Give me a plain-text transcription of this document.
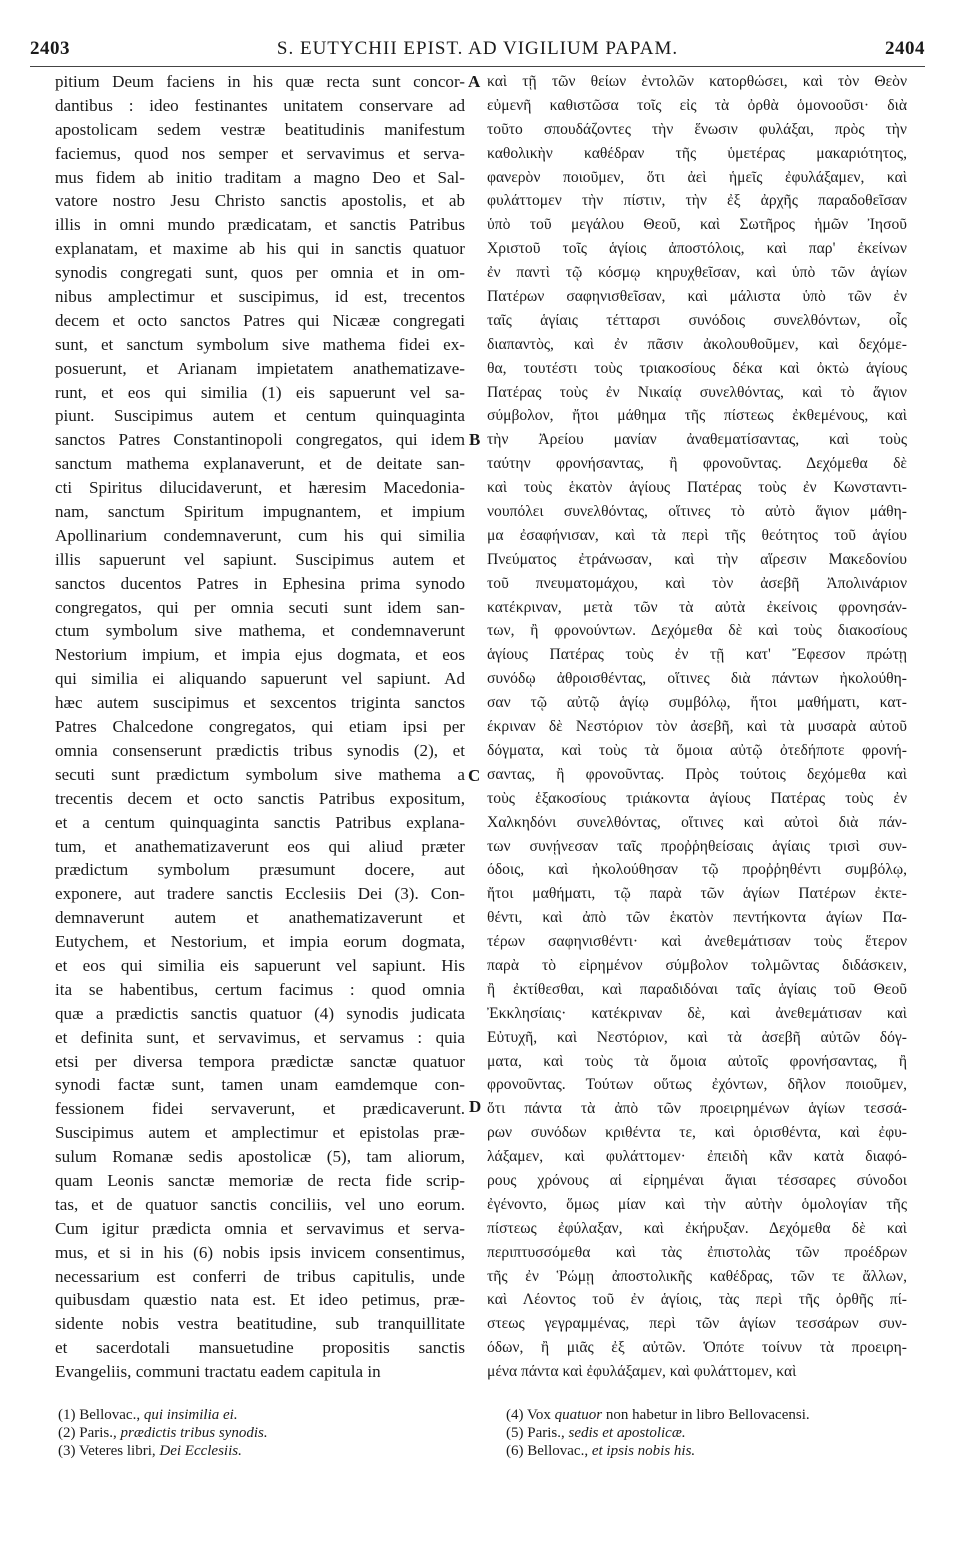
2403	S. EUTYCHII EPIST. AD VIGILIUM PAPAM.	2404
pitium Deum faciens in his quæ recta sunt concor-
dantibus : ideo festinantes unitatem conservare ad
apostolicam sedem vestræ beatitudinis manifestum
faciemus, quod nos semper et servavimus et serva-
mus fidem ab initio traditam a magno Deo et Sal-
vatore nostro Jesu Christo sanctis apostolis, et ab
illis in omni mundo prædicatam, et sanctis Patribus
explanatam, et maxime ab his qui in sanctis quatuor
synodis congregati sunt, quos per omnia et in om-
nibus amplectimur et suscipimus, id est, trecentos
decem et octo sanctos Patres qui Nicææ congregati
sunt, et sanctum symbolum sive mathema fidei ex-
posuerunt, et Arianam impietatem anathematizave-
runt, et eos qui similia (1) eis sapuerunt vel sa-
piunt. Suscipimus autem et centum quinquaginta
sanctos Patres Constantinopoli congregatos, qui idem
sanctum mathema explanaverunt, et de deitate san-
cti Spiritus dilucidaverunt, et hæresim Macedonia-
nam, sanctum Spiritum impugnantem, et impium
Apollinarium condemnaverunt, cum his qui similia
illis sapuerunt vel sapiunt. Suscipimus autem et
sanctos ducentos Patres in Ephesina prima synodo
congregatos, qui per omnia secuti sunt idem san-
ctum symbolum sive mathema, et condemnaverunt
Nestorium impium, et impia ejus dogmata, et eos
qui similia ei aliquando sapuerunt vel sapiunt. Ad
hæc autem suscipimus et sexcentos triginta sanctos
Patres Chalcedone congregatos, qui etiam ipsi per
omnia consenserunt prædictis tribus synodis (2), et
secuti sunt prædictum symbolum sive mathema a
trecentis decem et octo sanctis Patribus expositum,
et a centum quinquaginta sanctis Patribus explana-
tum, et anathematizaverunt eos qui aliud præter
prædictum symbolum præsumunt docere, aut
exponere, aut tradere sanctis Ecclesiis Dei (3). Con-
demnaverunt autem et anathematizaverunt et
Eutychem, et Nestorium, et impia eorum dogmata,
et eos qui similia eis sapuerunt vel sapiunt. His
ita se habentibus, certum facimus : quod omnia
quæ a prædictis sanctis quatuor (4) synodis judicata
et definita sunt, et servavimus, et servamus : quia
etsi per diversa tempora prædictæ sanctæ quatuor
synodi factæ sunt, tamen unam eamdemque con-
fessionem fidei servaverunt, et prædicaverunt.
Suscipimus autem et amplectimur et epistolas præ-
sulum Romanæ sedis apostolicæ (5), tam aliorum,
quam Leonis sanctæ memoriæ de recta fide scrip-
tas, et de quatuor sanctis conciliis, vel uno eorum.
Cum igitur prædicta omnia et servavimus et serva-
mus, et si in his (6) nobis ipsis invicem consentimus,
necessarium est conferri de tribus capitulis, unde
quibusdam quæstio nata est. Et ideo petimus, præ-
sidente nobis vestra beatitudine, sub tranquillitate
et sacerdotali mansuetudine propositis sanctis
Evangeliis, communi tractatu eadem capitula in
καὶ τῇ τῶν θείων ἐντολῶν κατορθώσει, καὶ τὸν Θεὸν
εὐμενῆ καθιστῶσα τοῖς εἰς τὰ ὀρθὰ ὁμονοοῦσι· διὰ
τοῦτο σπουδάζοντες τὴν ἕνωσιν φυλάξαι, πρὸς τὴν
καθολικὴν καθέδραν τῆς ὑμετέρας μακαριότητος,
φανερὸν ποιοῦμεν, ὅτι ἀεὶ ἡμεῖς ἐφυλάξαμεν, καὶ
φυλάττομεν τὴν πίστιν, τὴν ἐξ ἀρχῆς παραδοθεῖσαν
ὑπὸ τοῦ μεγάλου Θεοῦ, καὶ Σωτῆρος ἡμῶν Ἰησοῦ
Χριστοῦ τοῖς ἁγίοις ἀποστόλοις, καὶ παρ' ἐκείνων
ἐν παντὶ τῷ κόσμῳ κηρυχθεῖσαν, καὶ ὑπὸ τῶν ἁγίων
Πατέρων σαφηνισθεῖσαν, καὶ μάλιστα ὑπὸ τῶν ἐν
ταῖς ἁγίαις τέτταρσι συνόδοις συνελθόντων, οἷς
διαπαντὸς, καὶ ἐν πᾶσιν ἀκολουθοῦμεν, καὶ δεχόμε-
θα, τουτέστι τοὺς τριακοσίους δέκα καὶ ὀκτὼ ἁγίους
Πατέρας τοὺς ἐν Νικαίᾳ συνελθόντας, καὶ τὸ ἅγιον
σύμβολον, ἤτοι μάθημα τῆς πίστεως ἐκθεμένους, καὶ
τὴν Ἀρείου μανίαν ἀναθεματίσαντας, καὶ τοὺς
ταύτην φρονήσαντας, ἢ φρονοῦντας. Δεχόμεθα δὲ
καὶ τοὺς ἑκατὸν ἁγίους Πατέρας τοὺς ἐν Κωνσταντι-
νουπόλει συνελθόντας, οἵτινες τὸ αὐτὸ ἅγιον μάθη-
μα ἐσαφήνισαν, καὶ τὰ περὶ τῆς θεότητος τοῦ ἁγίου
Πνεύματος ἐτράνωσαν, καὶ τὴν αἵρεσιν Μακεδονίου
τοῦ πνευματομάχου, καὶ τὸν ἀσεβῆ Ἀπολινάριον
κατέκριναν, μετὰ τῶν τὰ αὐτὰ ἐκείνοις φρονησάν-
των, ἢ φρονούντων. Δεχόμεθα δὲ καὶ τοὺς διακοσίους
ἁγίους Πατέρας τοὺς ἐν τῇ κατ' Ἔφεσον πρώτῃ
συνόδῳ ἀθροισθέντας, οἵτινες διὰ πάντων ἠκολούθη-
σαν τῷ αὐτῷ ἁγίῳ συμβόλῳ, ἤτοι μαθήματι, κατ-
έκριναν δὲ Νεστόριον τὸν ἀσεβῆ, καὶ τὰ μυσαρὰ αὐτοῦ
δόγματα, καὶ τοὺς τὰ ὅμοια αὐτῷ ὀτεδήποτε φρονή-
σαντας, ἢ φρονοῦντας. Πρὸς τούτοις δεχόμεθα καὶ
τοὺς ἑξακοσίους τριάκοντα ἁγίους Πατέρας τοὺς ἐν
Χαλκηδόνι συνελθόντας, οἵτινες καὶ αὐτοὶ διὰ πάν-
των συνῄνεσαν ταῖς προῤῥηθείσαις ἁγίαις τρισὶ συν-
όδοις, καὶ ἠκολούθησαν τῷ προῤῥηθέντι συμβόλῳ,
ἤτοι μαθήματι, τῷ παρὰ τῶν ἁγίων Πατέρων ἐκτε-
θέντι, καὶ ἀπὸ τῶν ἑκατὸν πεντήκοντα ἁγίων Πα-
τέρων σαφηνισθέντι· καὶ ἀνεθεμάτισαν τοὺς ἕτερον
παρὰ τὸ εἰρημένον σύμβολον τολμῶντας διδάσκειν,
ἢ ἐκτίθεσθαι, καὶ παραδιδόναι ταῖς ἁγίαις τοῦ Θεοῦ
Ἐκκλησίαις· κατέκριναν δὲ, καὶ ἀνεθεμάτισαν καὶ
Εὐτυχῆ, καὶ Νεστόριον, καὶ τὰ ἀσεβῆ αὐτῶν δόγ-
ματα, καὶ τοὺς τὰ ὅμοια αὐτοῖς φρονήσαντας, ἢ
φρονοῦντας. Τούτων οὕτως ἐχόντων, δῆλον ποιοῦμεν,
ὅτι πάντα τὰ ἀπὸ τῶν προειρημένων ἁγίων τεσσά-
ρων συνόδων κριθέντα τε, καὶ ὁρισθέντα, καὶ ἐφυ-
λάξαμεν, καὶ φυλάττομεν· ἐπειδὴ κἂν κατὰ διαφό-
ρους χρόνους αἱ εἰρημέναι ἅγιαι τέσσαρες σύνοδοι
ἐγένοντο, ὅμως μίαν καὶ τὴν αὐτὴν ὁμολογίαν τῆς
πίστεως ἐφύλαξαν, καὶ ἐκήρυξαν. Δεχόμεθα δὲ καὶ
περιπτυσσόμεθα καὶ τὰς ἐπιστολὰς τῶν προέδρων
τῆς ἐν Ῥώμῃ ἀποστολικῆς καθέδρας, τῶν τε ἄλλων,
καὶ Λέοντος τοῦ ἐν ἁγίοις, τὰς περὶ τῆς ὀρθῆς πί-
στεως γεγραμμένας, περὶ τῶν ἁγίων τεσσάρων συν-
όδων, ἢ μιᾶς ἐξ αὐτῶν. Ὁπότε τοίνυν τὰ προειρη-
μένα πάντα καὶ ἐφυλάξαμεν, καὶ φυλάττομεν, καὶ
A
B
C
D
(1) Bellovac., qui insimilia ei.
(2) Paris., prædictis tribus synodis.
(3) Veteres libri, Dei Ecclesiis.
(4) Vox quatuor non habetur in libro Bellovacensi.
(5) Paris., sedis et apostolicæ.
(6) Bellovac., et ipsis nobis his.
